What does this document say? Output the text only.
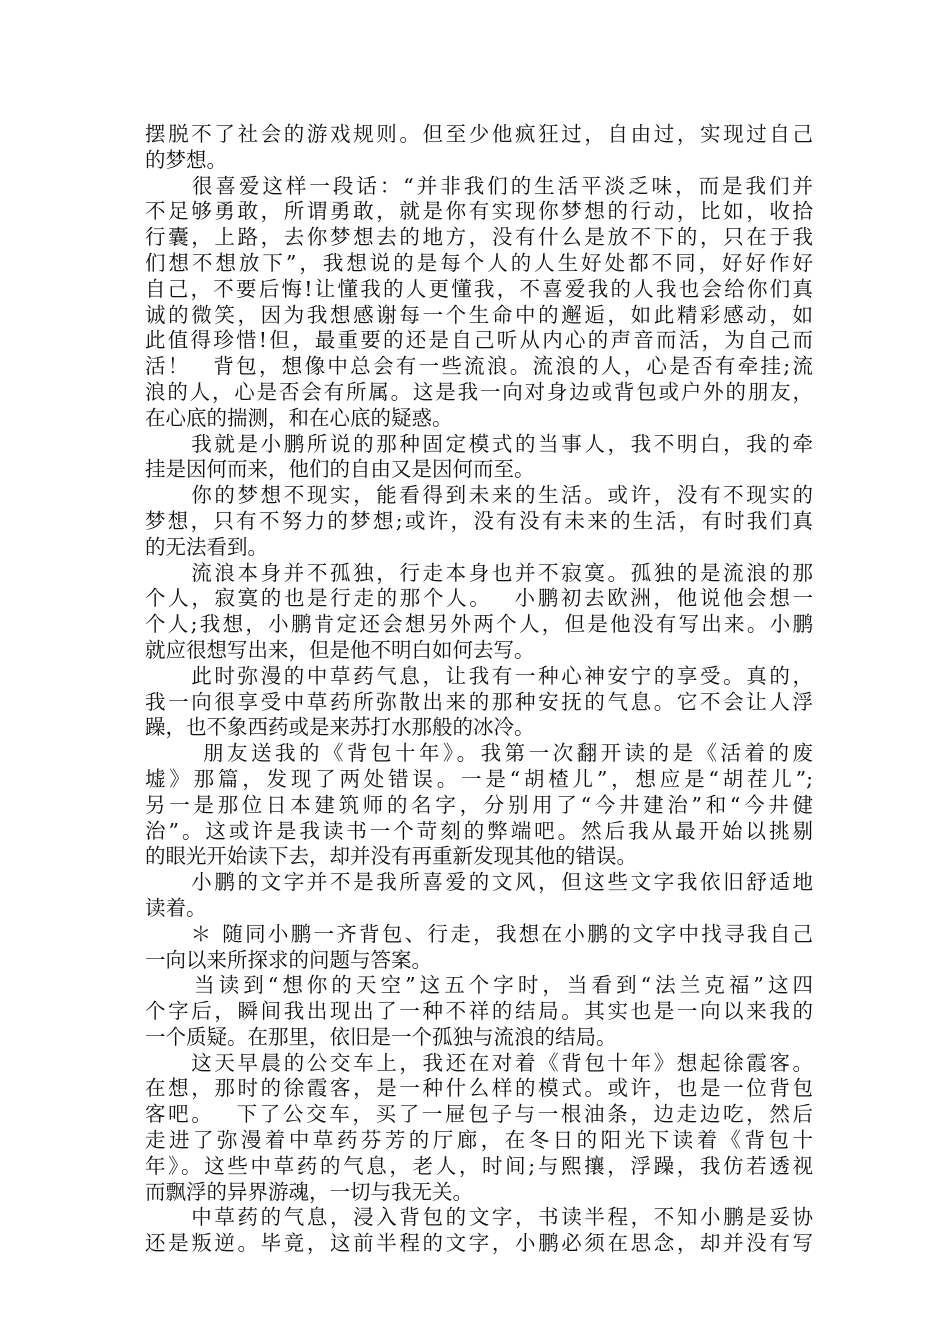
摆脱不了社会的游戏规则。但至少他疯狂过，自由过，实现过自己
的梦想。
　　很喜爱这样一段话：“并非我们的生活平淡乏味，而是我们并
不足够勇敢，所谓勇敢，就是你有实现你梦想的行动，比如，收拾
行囊，上路，去你梦想去的地方，没有什么是放不下的，只在于我
们想不想放下”，我想说的是每个人的人生好处都不同，好好作好
自己，不要后悔!让懂我的人更懂我，不喜爱我的人我也会给你们真
诚的微笑，因为我想感谢每一个生命中的邂逅，如此精彩感动，如
此值得珍惜!但，最重要的还是自己听从内心的声音而活，为自己而
活！　背包，想像中总会有一些流浪。流浪的人，心是否有牵挂;流
浪的人，心是否会有所属。这是我一向对身边或背包或户外的朋友，
在心底的揣测，和在心底的疑惑。
　　我就是小鹏所说的那种固定模式的当事人，我不明白，我的牵
挂是因何而来，他们的自由又是因何而至。
　　你的梦想不现实，能看得到未来的生活。或许，没有不现实的
梦想，只有不努力的梦想;或许，没有没有未来的生活，有时我们真
的无法看到。
　　流浪本身并不孤独，行走本身也并不寂寞。孤独的是流浪的那
个人，寂寞的也是行走的那个人。　 小鹏初去欧洲，他说他会想一
个人;我想，小鹏肯定还会想另外两个人，但是他没有写出来。小鹏
就应很想写出来，但是他不明白如何去写。
　　此时弥漫的中草药气息，让我有一种心神安宁的享受。真的，
我一向很享受中草药所弥散出来的那种安抚的气息。它不会让人浮
躁，也不象西药或是来苏打水那般的冰冷。
　　 朋友送我的《背包十年》。我第一次翻开读的是《活着的废
墟》那篇，发现了两处错误。一是“胡楂儿”，想应是“胡茬儿”;
另一是那位日本建筑师的名字，分别用了“今井建治”和“今井健
治”。这或许是我读书一个苛刻的弊端吧。然后我从最开始以挑剔
的眼光开始读下去，却并没有再重新发现其他的错误。
　　小鹏的文字并不是我所喜爱的文风，但这些文字我依旧舒适地
读着。
　　＊ 随同小鹏一齐背包、行走，我想在小鹏的文字中找寻我自己
一向以来所探求的问题与答案。
　　当读到“想你的天空”这五个字时，当看到“法兰克福”这四
个字后，瞬间我出现出了一种不祥的结局。其实也是一向以来我的
一个质疑。在那里，依旧是一个孤独与流浪的结局。
　　这天早晨的公交车上，我还在对着《背包十年》想起徐霞客。
在想，那时的徐霞客，是一种什么样的模式。或许，也是一位背包
客吧。　 下了公交车，买了一屉包子与一根油条，边走边吃，然后
走进了弥漫着中草药芬芳的厅廊，在冬日的阳光下读着《背包十
年》。这些中草药的气息，老人，时间;与熙攘，浮躁，我仿若透视
而飘浮的异界游魂，一切与我无关。
　　中草药的气息，浸入背包的文字，书读半程，不知小鹏是妥协
还是叛逆。毕竟，这前半程的文字，小鹏必须在思念，却并没有写
